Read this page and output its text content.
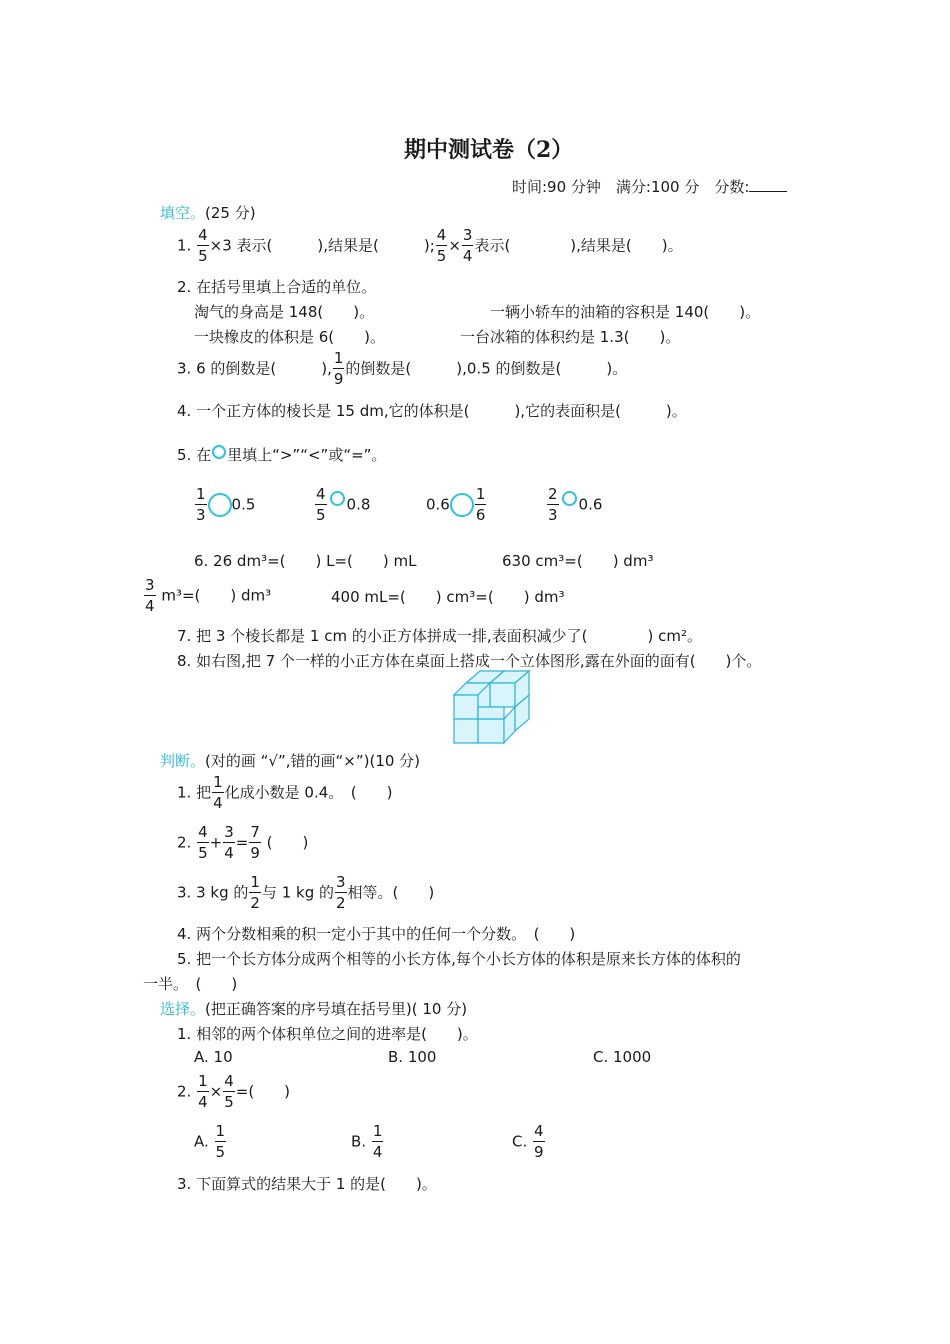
期中测试卷（2）
时间:90 分钟　满分:100 分　分数:
填空。(25 分)
1. $\frac{4}{5} \times 3$ 表示(　　　),结果是(　　　); $\frac{4}{5} \times \frac{3}{4}$ 表示(　　　　),结果是(　　)。
2. 在括号里填上合适的单位。
淘气的身高是 148(　　)。	一辆小轿车的油箱的容积是 140(　　)。
一块橡皮的体积是 6(　　)。	一台冰箱的体积约是 1.3(　　)。
3. 6 的倒数是(　　　), $\frac{1}{9}$ 的倒数是(　　　),0.5 的倒数是(　　　)。
4. 一个正方体的棱长是 15 dm,它的体积是(　　　),它的表面积是(　　　)。
5. 在 里填上“>”“<”或“=”。
$\frac{1}{3} 0.5$	$\frac{4}{5} 0.8$	$0.6 \frac{1}{6}$	$\frac{2}{3} 0.6$
6. 26 dm³=(　　) L=(　　) mL	630 cm³=(　　) dm³
$\frac{3}{4} m^3=$(　　) dm³	400 mL=(　　) cm³=(　　) dm³
7. 把 3 个棱长都是 1 cm 的小正方体拼成一排,表面积减少了(　　　　) cm²。
8. 如右图,把 7 个一样的小正方体在桌面上搭成一个立体图形,露在外面的面有(　　)个。
判断。(对的画 “√”,错的画“×”)(10 分)
1. 把 $\frac{1}{4}$ 化成小数是 0.4。　(　　)
2. $\frac{4}{5} + \frac{3}{4} = \frac{7}{9}$ (　　)
3. 3 kg 的 $\frac{1}{2}$ 与 1 kg 的 $\frac{3}{2}$ 相等。(　　)
4. 两个分数相乘的积一定小于其中的任何一个分数。　(　　)
5. 把一个长方体分成两个相等的小长方体,每个小长方体的体积是原来长方体的体积的
一半。　(　　)
选择。(把正确答案的序号填在括号里)( 10 分)
1. 相邻的两个体积单位之间的进率是(　　)。
A. 10	B. 100	C. 1000
2. $\frac{1}{4} \times \frac{4}{5}$ =(　　)
A. $\frac{1}{5}$	B. $\frac{1}{4}$	C. $\frac{4}{9}$
3. 下面算式的结果大于 1 的是(　　)。
